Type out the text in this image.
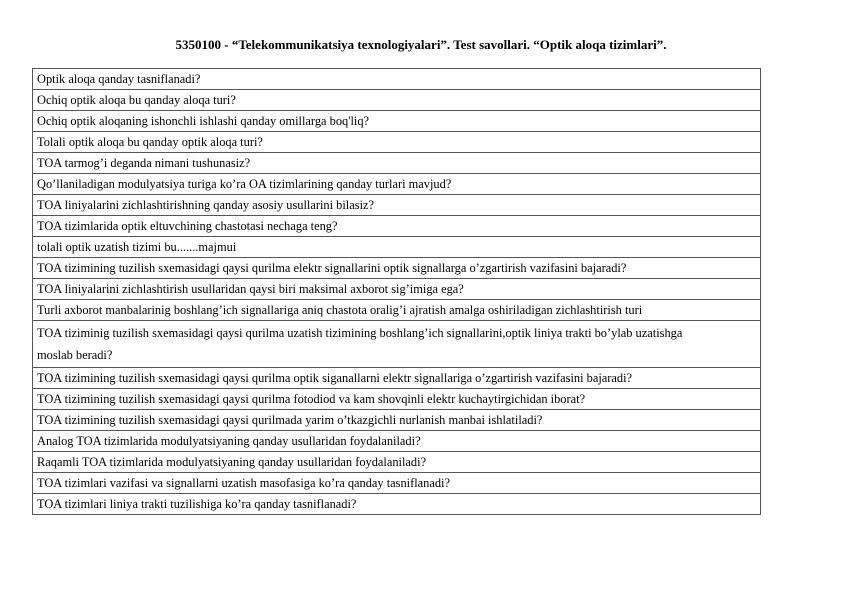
5350100 - “Telekommunikatsiya texnologiyalari”. Test savollari. “Optik aloqa tizimlari”.
Optik aloqa qanday tasniflanadi?
Ochiq optik aloqa bu qanday aloqa turi?
Ochiq optik aloqaning ishonchli ishlashi qanday omillarga boq'liq?
Tolali optik aloqa bu qanday optik aloqa turi?
TOA tarmog’i deganda nimani tushunasiz?
Qo’llaniladigan modulyatsiya turiga ko’ra OA tizimlarining qanday turlari mavjud?
TOA liniyalarini zichlashtirishning qanday asosiy usullarini bilasiz?
TOA tizimlarida optik eltuvchining chastotasi nechaga teng?
tolali optik uzatish tizimi bu.......majmui
TOA tizimining tuzilish sxemasidagi qaysi qurilma elektr signallarini optik signallarga o’zgartirish vazifasini bajaradi?
TOA liniyalarini zichlashtirish usullaridan qaysi biri maksimal axborot sig’imiga ega?
Turli axborot manbalarinig boshlang’ich signallariga aniq chastota oralig’i ajratish amalga oshiriladigan zichlashtirish turi
TOA tiziminig tuzilish sxemasidagi qaysi qurilma uzatish tizimining boshlang’ich signallarini,optik liniya trakti bo’ylab uzatishga moslab beradi?
TOA tizimining tuzilish sxemasidagi qaysi qurilma optik siganallarni elektr signallariga o’zgartirish vazifasini bajaradi?
TOA tizimining tuzilish sxemasidagi qaysi qurilma fotodiod va kam shovqinli elektr kuchaytirgichidan iborat?
TOA tizimining tuzilish sxemasidagi qaysi qurilmada yarim o’tkazgichli nurlanish manbai ishlatiladi?
Analog TOA tizimlarida modulyatsiyaning qanday usullaridan foydalaniladi?
Raqamli TOA tizimlarida modulyatsiyaning qanday usullaridan foydalaniladi?
TOA tizimlari vazifasi va signallarni uzatish masofasiga ko’ra qanday tasniflanadi?
TOA tizimlari liniya trakti tuzilishiga ko’ra qanday tasniflanadi?
